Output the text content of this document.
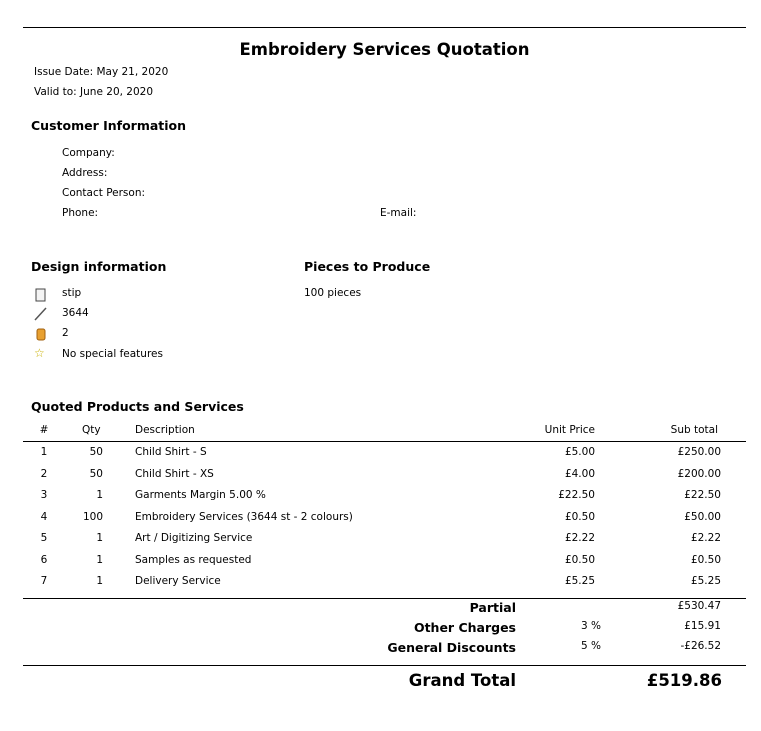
Embroidery Services Quotation
Issue Date: May 21, 2020
Valid to: June 20, 2020
Customer Information
Company:
Address:
Contact Person:
Phone:	E-mail:
Design information
stip
3644
2
☆ No special features
Pieces to Produce
100 pieces
Quoted Products and Services
#	Qty	Description	Unit Price	Sub total
1	50	Child Shirt - S	£5.00	£250.00
2	50	Child Shirt - XS	£4.00	£200.00
3	1	Garments Margin 5.00 %	£22.50	£22.50
4	100	Embroidery Services (3644 st - 2 colours)	£0.50	£50.00
5	1	Art / Digitizing Service	£2.22	£2.22
6	1	Samples as requested	£0.50	£0.50
7	1	Delivery Service	£5.25	£5.25
Partial	£530.47
Other Charges	3 %	£15.91
General Discounts	5 %	-£26.52
Grand Total	£519.86
